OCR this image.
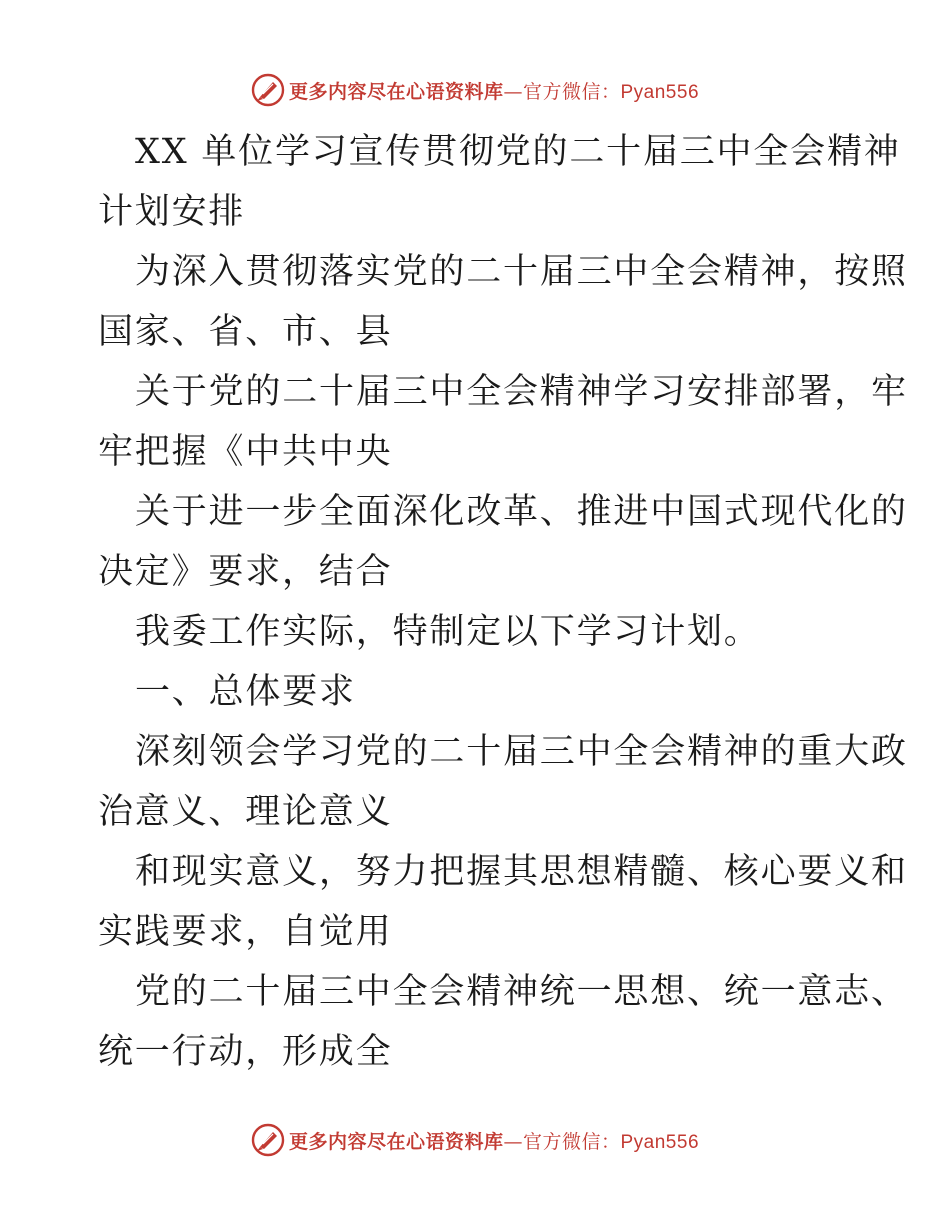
更多内容尽在心语资料库—官方微信：Pyan556

XX 单位学习宣传贯彻党的二十届三中全会精神
计划安排

为深入贯彻落实党的二十届三中全会精神，按照
国家、省、市、县

关于党的二十届三中全会精神学习安排部署，牢
牢把握《中共中央

关于进一步全面深化改革、推进中国式现代化的
决定》要求，结合

我委工作实际，特制定以下学习计划。

一、总体要求

深刻领会学习党的二十届三中全会精神的重大政
治意义、理论意义

和现实意义，努力把握其思想精髓、核心要义和
实践要求，自觉用

党的二十届三中全会精神统一思想、统一意志、
统一行动，形成全

更多内容尽在心语资料库—官方微信：Pyan556
